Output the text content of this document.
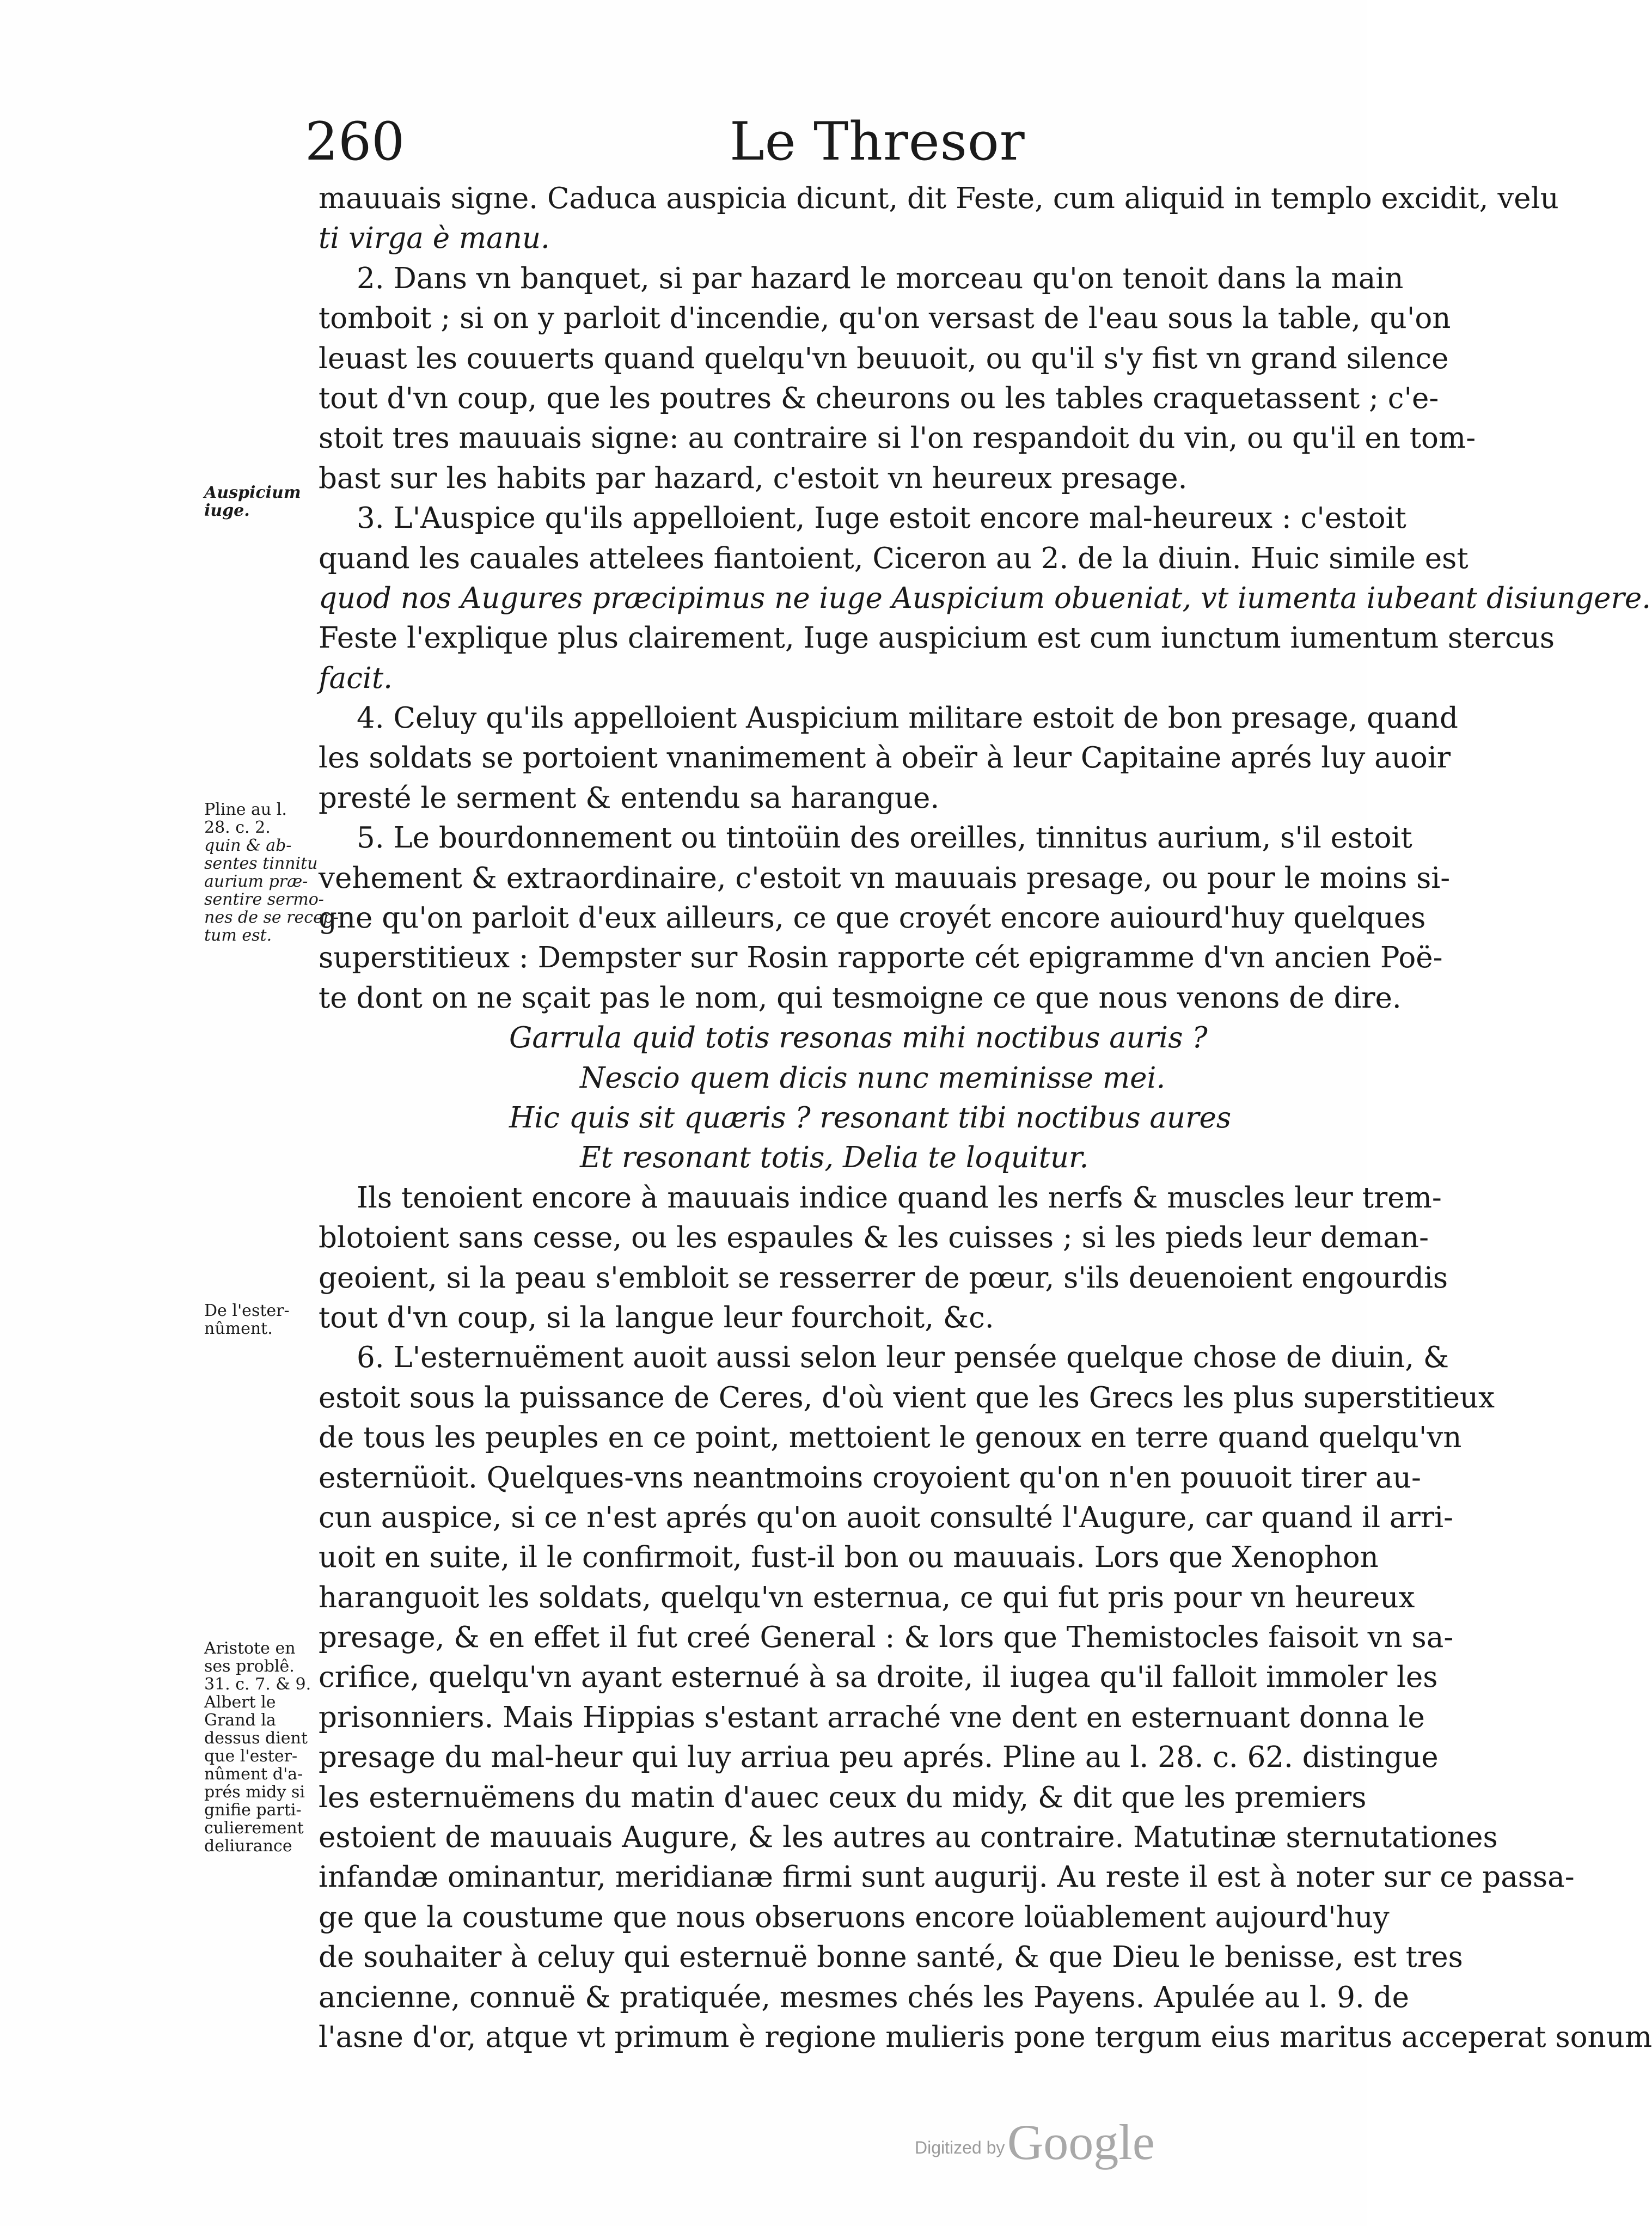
260	Le Thresor
mauuais signe. Caduca auspicia dicunt, dit Feste, cum aliquid in templo excidit, velu
ti virga è manu.
2. Dans vn banquet, si par hazard le morceau qu'on tenoit dans la main
tomboit ; si on y parloit d'incendie, qu'on versast de l'eau sous la table, qu'on
leuast les couuerts quand quelqu'vn beuuoit, ou qu'il s'y fist vn grand silence
tout d'vn coup, que les poutres & cheurons ou les tables craquetassent ; c'e-
stoit tres mauuais signe: au contraire si l'on respandoit du vin, ou qu'il en tom-
bast sur les habits par hazard, c'estoit vn heureux presage.
3. L'Auspice qu'ils appelloient, Iuge estoit encore mal-heureux : c'estoit
quand les cauales attelees fiantoient, Ciceron au 2. de la diuin. Huic simile est
quod nos Augures præcipimus ne iuge Auspicium obueniat, vt iumenta iubeant disiungere.
Feste l'explique plus clairement, Iuge auspicium est cum iunctum iumentum stercus
facit.
4. Celuy qu'ils appelloient Auspicium militare estoit de bon presage, quand
les soldats se portoient vnanimement à obeïr à leur Capitaine aprés luy auoir
presté le serment & entendu sa harangue.
5. Le bourdonnement ou tintoüin des oreilles, tinnitus aurium, s'il estoit
vehement & extraordinaire, c'estoit vn mauuais presage, ou pour le moins si-
gne qu'on parloit d'eux ailleurs, ce que croyét encore auiourd'huy quelques
superstitieux : Dempster sur Rosin rapporte cét epigramme d'vn ancien Poë-
te dont on ne sçait pas le nom, qui tesmoigne ce que nous venons de dire.
Garrula quid totis resonas mihi noctibus auris ?
Nescio quem dicis nunc meminisse mei.
Hic quis sit quæris ? resonant tibi noctibus aures
Et resonant totis, Delia te loquitur.
Ils tenoient encore à mauuais indice quand les nerfs & muscles leur trem-
blotoient sans cesse, ou les espaules & les cuisses ; si les pieds leur deman-
geoient, si la peau s'embloit se resserrer de pœur, s'ils deuenoient engourdis
tout d'vn coup, si la langue leur fourchoit, &c.
6. L'esternuëment auoit aussi selon leur pensée quelque chose de diuin, &
estoit sous la puissance de Ceres, d'où vient que les Grecs les plus superstitieux
de tous les peuples en ce point, mettoient le genoux en terre quand quelqu'vn
esternüoit. Quelques-vns neantmoins croyoient qu'on n'en pouuoit tirer au-
cun auspice, si ce n'est aprés qu'on auoit consulté l'Augure, car quand il arri-
uoit en suite, il le confirmoit, fust-il bon ou mauuais. Lors que Xenophon
haranguoit les soldats, quelqu'vn esternua, ce qui fut pris pour vn heureux
presage, & en effet il fut creé General : & lors que Themistocles faisoit vn sa-
crifice, quelqu'vn ayant esternué à sa droite, il iugea qu'il falloit immoler les
prisonniers. Mais Hippias s'estant arraché vne dent en esternuant donna le
presage du mal-heur qui luy arriua peu aprés. Pline au l. 28. c. 62. distingue
les esternuëmens du matin d'auec ceux du midy, & dit que les premiers
estoient de mauuais Augure, & les autres au contraire. Matutinæ sternutationes
infandæ ominantur, meridianæ firmi sunt augurij. Au reste il est à noter sur ce passa-
ge que la coustume que nous obseruons encore loüablement aujourd'huy
de souhaiter à celuy qui esternuë bonne santé, & que Dieu le benisse, est tres
ancienne, connuë & pratiquée, mesmes chés les Payens. Apulée au l. 9. de
l'asne d'or, atque vt primum è regione mulieris pone tergum eius maritus acceperat sonum
Auspicium
iuge.
Pline au l.
28. c. 2.
quin & ab-
sentes tinnitu
aurium præ-
sentire sermo-
nes de se recep-
tum est.
De l'ester-
nûment.
Aristote en
ses problê.
31. c. 7. & 9.
Albert le
Grand la
dessus dient
que l'ester-
nûment d'a-
prés midy si
gnifie parti-
culierement
deliurance
Digitized by Google
